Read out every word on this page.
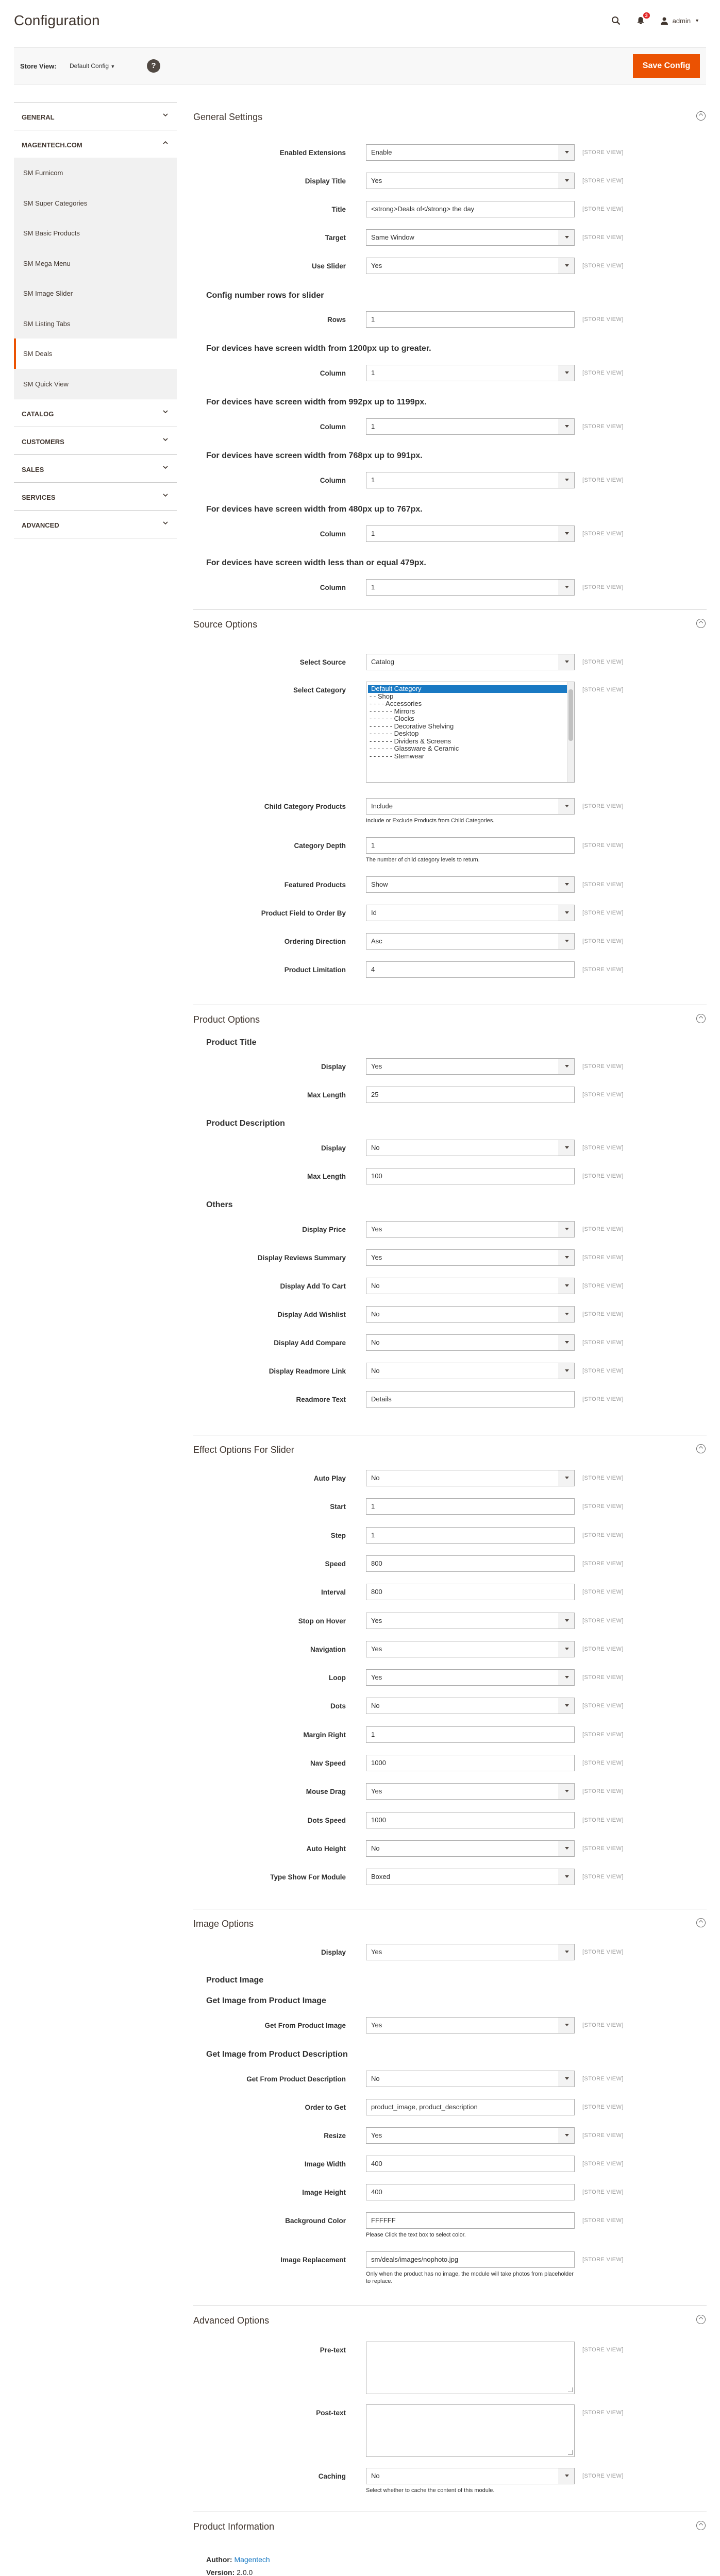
Configuration	3
admin ▼
Store View: Default Config ▼	?	Save Config
GENERAL
MAGENTECH.COM
SM Furnicom
SM Super Categories
SM Basic Products
SM Mega Menu
SM Image Slider
SM Listing Tabs
SM Deals
SM Quick View
CATALOG
CUSTOMERS
SALES
SERVICES
ADVANCED
General Settings
Enabled Extensions	Enable	[STORE VIEW]
Display Title	Yes	[STORE VIEW]
Title	<strong>Deals of</strong> the day	[STORE VIEW]
Target	Same Window	[STORE VIEW]
Use Slider	Yes	[STORE VIEW]
Config number rows for slider
Rows	1	[STORE VIEW]
For devices have screen width from 1200px up to greater.
Column	1	[STORE VIEW]
For devices have screen width from 992px up to 1199px.
Column	1	[STORE VIEW]
For devices have screen width from 768px up to 991px.
Column	1	[STORE VIEW]
For devices have screen width from 480px up to 767px.
Column	1	[STORE VIEW]
For devices have screen width less than or equal 479px.
Column	1	[STORE VIEW]
Source Options
Select Source	Catalog	[STORE VIEW]
Select Category	Default Category
- - Shop
- - - - Accessories
- - - - - - Mirrors
- - - - - - Clocks
- - - - - - Decorative Shelving
- - - - - - Desktop
- - - - - - Dividers & Screens
- - - - - - Glassware & Ceramic
- - - - - - Stemwear
[STORE VIEW]
Child Category Products	Include	[STORE VIEW]
Include or Exclude Products from Child Categories.
Category Depth	1	[STORE VIEW]
The number of child category levels to return.
Featured Products	Show	[STORE VIEW]
Product Field to Order By	Id	[STORE VIEW]
Ordering Direction	Asc	[STORE VIEW]
Product Limitation	4	[STORE VIEW]
Product Options
Product Title
Display	Yes	[STORE VIEW]
Max Length	25	[STORE VIEW]
Product Description
Display	No	[STORE VIEW]
Max Length	100	[STORE VIEW]
Others
Display Price	Yes	[STORE VIEW]
Display Reviews Summary	Yes	[STORE VIEW]
Display Add To Cart	No	[STORE VIEW]
Display Add Wishlist	No	[STORE VIEW]
Display Add Compare	No	[STORE VIEW]
Display Readmore Link	No	[STORE VIEW]
Readmore Text	Details	[STORE VIEW]
Effect Options For Slider
Auto Play	No	[STORE VIEW]
Start	1	[STORE VIEW]
Step	1	[STORE VIEW]
Speed	800	[STORE VIEW]
Interval	800	[STORE VIEW]
Stop on Hover	Yes	[STORE VIEW]
Navigation	Yes	[STORE VIEW]
Loop	Yes	[STORE VIEW]
Dots	No	[STORE VIEW]
Margin Right	1	[STORE VIEW]
Nav Speed	1000	[STORE VIEW]
Mouse Drag	Yes	[STORE VIEW]
Dots Speed	1000	[STORE VIEW]
Auto Height	No	[STORE VIEW]
Type Show For Module	Boxed	[STORE VIEW]
Image Options
Display	Yes	[STORE VIEW]
Product Image
Get Image from Product Image
Get From Product Image	Yes	[STORE VIEW]
Get Image from Product Description
Get From Product Description	No	[STORE VIEW]
Order to Get	product_image, product_description	[STORE VIEW]
Resize	Yes	[STORE VIEW]
Image Width	400	[STORE VIEW]
Image Height	400	[STORE VIEW]
Background Color	FFFFFF	[STORE VIEW]
Please Click the text box to select color.
Image Replacement	sm/deals/images/nophoto.jpg	[STORE VIEW]
Only when the product has no image, the module will take photos from placeholder to replace.
Advanced Options
Pre-text	[STORE VIEW]
Post-text	[STORE VIEW]
Caching	No	[STORE VIEW]
Select whether to cache the content of this module.
Product Information
Author: Magentech
Version: 2.0.0
